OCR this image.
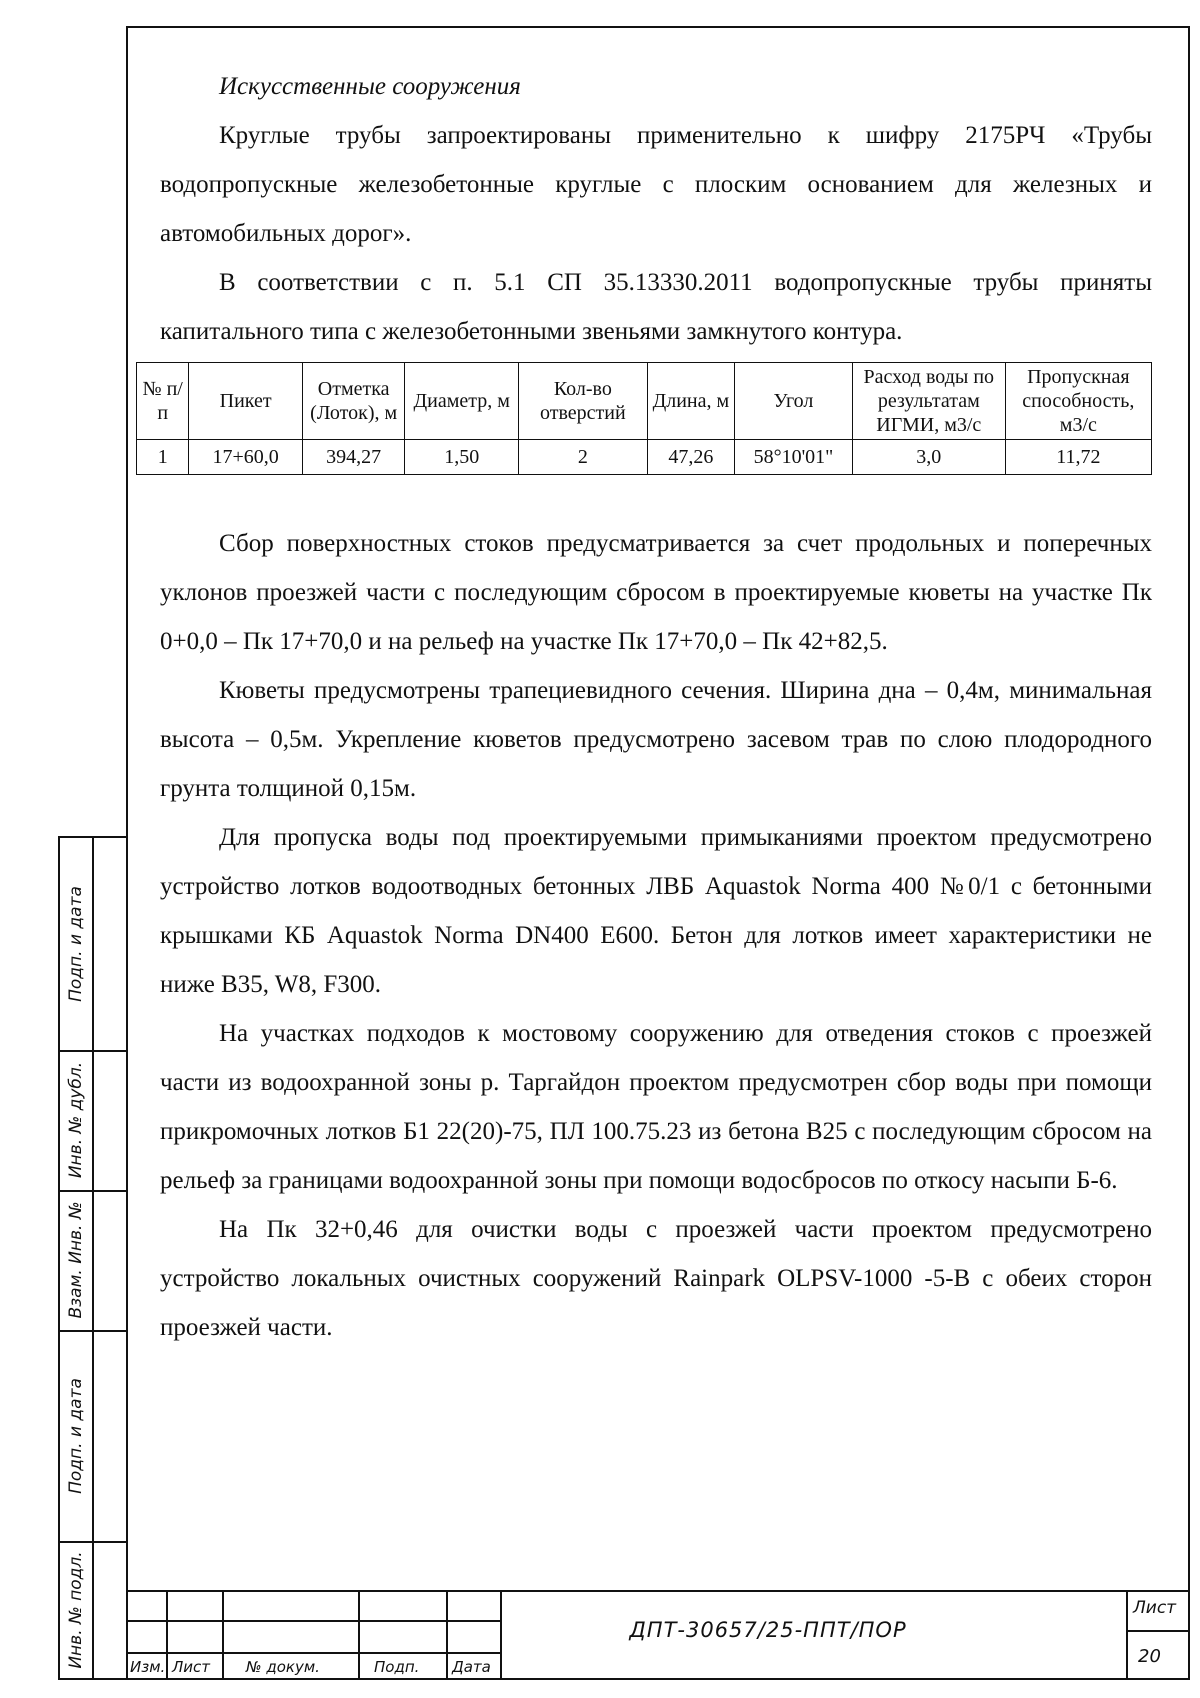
Искусственные сооружения

Круглые трубы запроектированы применительно к шифру 2175РЧ «Трубы водопропускные железобетонные круглые с плоским основанием для железных и автомобильных дорог».

В соответствии с п. 5.1 СП 35.13330.2011 водопропускные трубы приняты капитального типа с железобетонными звеньями замкнутого контура.

№ п/п	Пикет	Отметка (Лоток), м	Диаметр, м	Кол-во отверстий	Длина, м	Угол	Расход воды по результатам ИГМИ, м3/с	Пропускная способность, м3/с
1	17+60,0	394,27	1,50	2	47,26	58°10'01"	3,0	11,72

Сбор поверхностных стоков предусматривается за счет продольных и поперечных уклонов проезжей части с последующим сбросом в проектируемые кюветы на участке Пк 0+0,0 – Пк 17+70,0 и на рельеф на участке Пк 17+70,0 – Пк 42+82,5.

Кюветы предусмотрены трапециевидного сечения. Ширина дна – 0,4м, минимальная высота – 0,5м. Укрепление кюветов предусмотрено засевом трав по слою плодородного грунта толщиной 0,15м.

Для пропуска воды под проектируемыми примыканиями проектом предусмотрено устройство лотков водоотводных бетонных ЛВБ Aquastok Norma 400 №0/1 с бетонными крышками КБ Aquastok Norma DN400 E600. Бетон для лотков имеет характеристики не ниже B35, W8, F300.

На участках подходов к мостовому сооружению для отведения стоков с проезжей части из водоохранной зоны р. Таргайдон проектом предусмотрен сбор воды при помощи прикромочных лотков Б1 22(20)-75, ПЛ 100.75.23 из бетона В25 с последующим сбросом на рельеф за границами водоохранной зоны при помощи водосбросов по откосу насыпи Б-6.

На Пк 32+0,46 для очистки воды с проезжей части проектом предусмотрено устройство локальных очистных сооружений Rainpark OLPSV-1000 -5-B с обеих сторон проезжей части.

Подп. и дата
Инв. № дубл.
Взам. Инв. №
Подп. и дата
Инв. № подл.	Изм. Лист № докум.	Подп. Дата
ДПТ-30657/25-ППТ/ПОР
Лист
20
